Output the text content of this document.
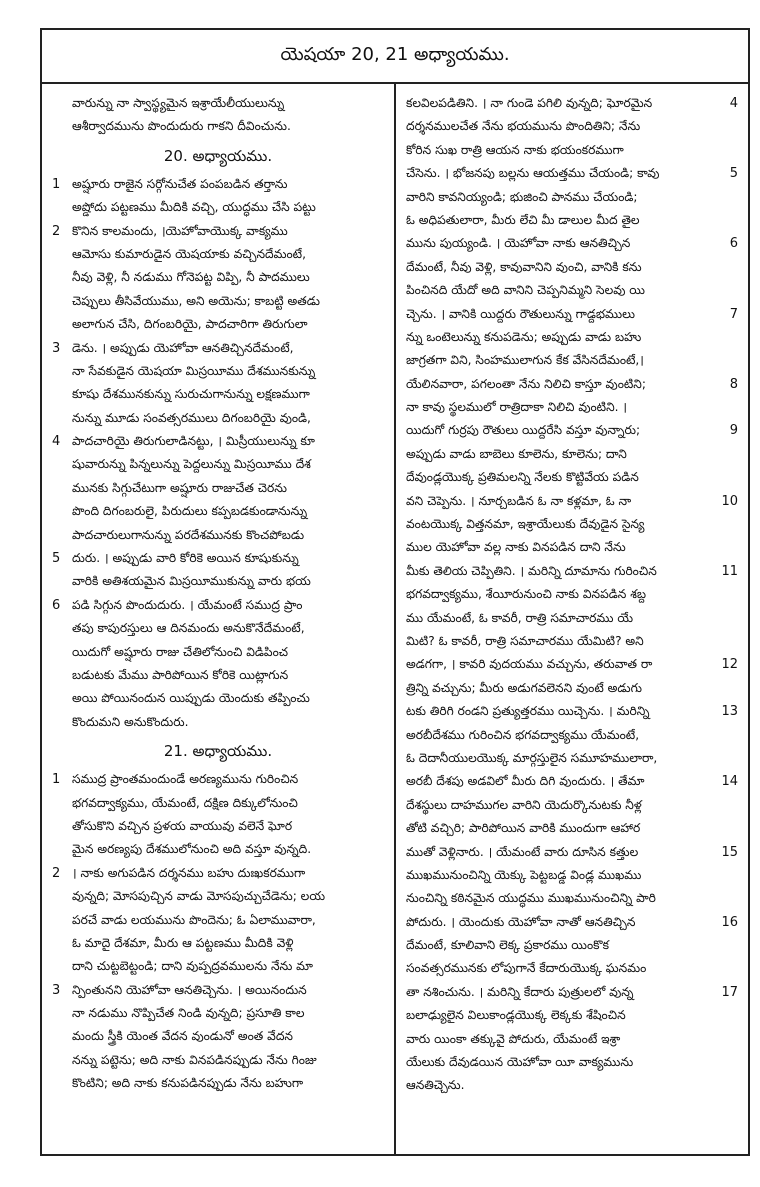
యెషయా 20, 21 అధ్యాయము.
వారున్ను నా స్వాస్థ్యమైన ఇశ్రాయేలీయులున్ను
ఆశీర్వాదమును పొందుదురు గాకని దీవించును.
20. అధ్యాయము.
1 అష్షూరు రాజైన సర్గోనుచేత పంపబడిన తర్తాను
అష్డోదు పట్టణము మీదికి వచ్చి, యుద్ధము చేసి పట్టు
2 కొనిన కాలమందు, ।యెహోవాయొక్క వాక్యము
ఆమోసు కుమారుడైన యెషయాకు వచ్చినదేమంటే,
నీవు వెళ్లి, నీ నడుము గోనెపట్ట విప్పి, నీ పాదములు
చెప్పులు తీసివేయుము, అని అయెను; కాబట్టి అతడు
అలాగున చేసి, దిగంబరియై, పాదచారిగా తిరుగులా
3 డెను. । అప్పుడు యెహోవా ఆనతిచ్చినదేమంటే,
నా సేవకుడైన యెషయా మిస్రయీము దేశమునకున్ను
కూషు దేశమునకున్ను సురుచుగానున్ను లక్షణముగా
నున్ను మూడు సంవత్సరములు దిగంబరియై వుండి,
4 పాదచారియై తిరుగులాడినట్టు, । మిస్రీయులున్ను కూ
షువారున్ను పిన్నలున్ను పెద్దలున్ను మిస్రయీము దేశ
మునకు సిగ్గుచేటుగా అష్షూరు రాజుచేత చెరను
పొంది దిగంబరులై, పిరుదులు కప్పబడకుండానున్ను
పాదచారులుగానున్ను పరదేశమునకు కొంచపోబడు
5 దురు. । అప్పుడు వారి కోరికె అయిన కూషుకున్ను
వారికి అతిశయమైన మిస్రయీముకున్ను వారు భయ
6 పడి సిగ్గున పొందుదురు. । యేమంటే సముద్ర ప్రాం
తపు కాపురస్తులు ఆ దినమందు అనుకొనేదేమంటే,
యిదుగో అష్షూరు రాజు చేతిలోనుంచి విడిపించ
బడుటకు మేము పారిపోయిన కోరికె యిట్లాగున
అయి పోయినందున యిప్పుడు యెందుకు తప్పించు
కొందుమని అనుకొందురు.
21. అధ్యాయము.
1 సముద్ర ప్రాంతమందుండే అరణ్యమును గురించిన
భగవద్వాక్యము, యేమంటే, దక్షిణ దిక్కులోనుంచి
తోసుకొని వచ్చిన ప్రళయ వాయువు వలెనే ఘోర
మైన అరణ్యపు దేశములోనుంచి అది వస్తూ వున్నది.
2 । నాకు అగుపడిన దర్శనము బహు దుఃఖకరముగా
వున్నది; మోసపుచ్చిన వాడు మోసపుచ్చుచేడెను; లయ
పరచే వాడు లయమును పొందెను; ఓ ఏలామువారా,
ఓ మాదై దేశమా, మీరు ఆ పట్టణము మీదికి వెళ్లి
దాని చుట్టబెట్టండి; దాని వుప్పద్రవములను నేను మా
3 న్పింతునని యెహోవా ఆనతిచ్చెను. । అయినందున
నా నడుము నొప్పిచేత నిండి వున్నది; ప్రసూతి కాల
మందు స్త్రీకి యెంత వేదన వుండునో అంత వేదన
నన్ను పట్టెను; అది నాకు వినపడినప్పుడు నేను గింజు
కొంటిని; అది నాకు కనుపడినప్పుడు నేను బహుగా
కలవిలపడితిని. । నా గుండె పగిలి వున్నది; ఘోరమైన	4
దర్శనములచేత నేను భయమును పొందితిని; నేను
కోరిన సుఖ రాత్రి ఆయన నాకు భయంకరముగా
చేసెను. । భోజనపు బల్లను ఆయత్తము చేయండి; కావు	5
వారిని కావనియ్యండి; భుజించి పానము చేయండి;
ఓ అధిపతులారా, మీరు లేచి మీ డాలుల మీద తైల
మును పుయ్యండి. । యెహోవా నాకు ఆనతిచ్చిన	6
దేమంటే, నీవు వెళ్లి, కావువానిని వుంచి, వానికి కను
పించినది యేదో అది వానిని చెప్పనిమ్మని సెలవు యి
చ్చెను. । వానికి యిద్దరు రౌతులున్ను గాడ్దభములు	7
న్ను ఒంటెలున్ను కనుపడెను; అప్పుడు వాడు బహు
జాగ్రతగా విని, సింహములాగున కేక వేసినదేమంటే,।
యేలినవారా, పగలంతా నేను నిలిచి కాస్తూ వుంటిని;	8
నా కావు స్థలములో రాత్రిదాకా నిలిచి వుంటిని. ।
యిదుగో గుర్రపు రౌతులు యిద్దరేసి వస్తూ వున్నారు;	9
అప్పుడు వాడు బాబెలు కూలెను, కూలెను; దాని
దేవుండ్లయొక్క ప్రతిమలన్ని నేలకు కొట్టివేయ పడిన
వని చెప్పెను. । నూర్చబడిన ఓ నా కళ్లమా, ఓ నా	10
వంటయొక్క విత్తనమా, ఇశ్రాయేలుకు దేవుడైన సైన్య
ముల యెహోవా వల్ల నాకు వినపడిన దాని నేను
మీకు తెలియ చెప్పితిని. । మరిన్ని దూమాను గురించిన	11
భగవద్వాక్యము, శేయీరునుంచి నాకు వినపడిన శబ్ద
ము యేమంటే, ఓ కావరీ, రాత్రి సమాచారము యే
మిటి? ఓ కావరీ, రాత్రి సమాచారము యేమిటి? అని
అడగగా, । కావరి వుదయము వచ్చును, తరువాత రా	12
త్రిన్ని వచ్చును; మీరు అడుగవలెనని వుంటే అడుగు
టకు తిరిగి రండని ప్రత్యుత్తరము యిచ్చెను. । మరిన్ని	13
అరబీదేశము గురించిన భగవద్వాక్యము యేమంటే,
ఓ దెదానీయులయొక్క మార్గస్తులైన సమూహములారా,
అరబీ దేశపు అడవిలో మీరు దిగి వుందురు. । తేమా	14
దేశస్థులు దాహముగల వారిని యెదుర్కొనుటకు నీళ్ల
తోటి వచ్చిరి; పారిపోయిన వారికి ముందుగా ఆహార
ముతో వెళ్లినారు. । యేమంటే వారు దూసిన కత్తుల	15
ముఖమునుంచిన్ని యెక్కు పెట్టబడ్డ విండ్ల ముఖము
నుంచిన్ని కఠినమైన యుద్ధము ముఖమునుంచిన్ని పారి
పోదురు. । యెందుకు యెహోవా నాతో ఆనతిచ్చిన	16
దేమంటే, కూలివాని లెక్క ప్రకారము యింకొక
సంవత్సరమునకు లోపుగానే కేదారుయొక్క ఘనమం
తా నశించును. । మరిన్ని కేదారు పుత్రులలో వున్న	17
బలాఢ్యులైన విలుకాండ్లయొక్క లెక్కకు శేషించిన
వారు యింకా తక్కువై పోదురు, యేమంటే ఇశ్రా
యేలుకు దేవుడయిన యెహోవా యీ వాక్యమును
ఆనతిచ్చెను.
